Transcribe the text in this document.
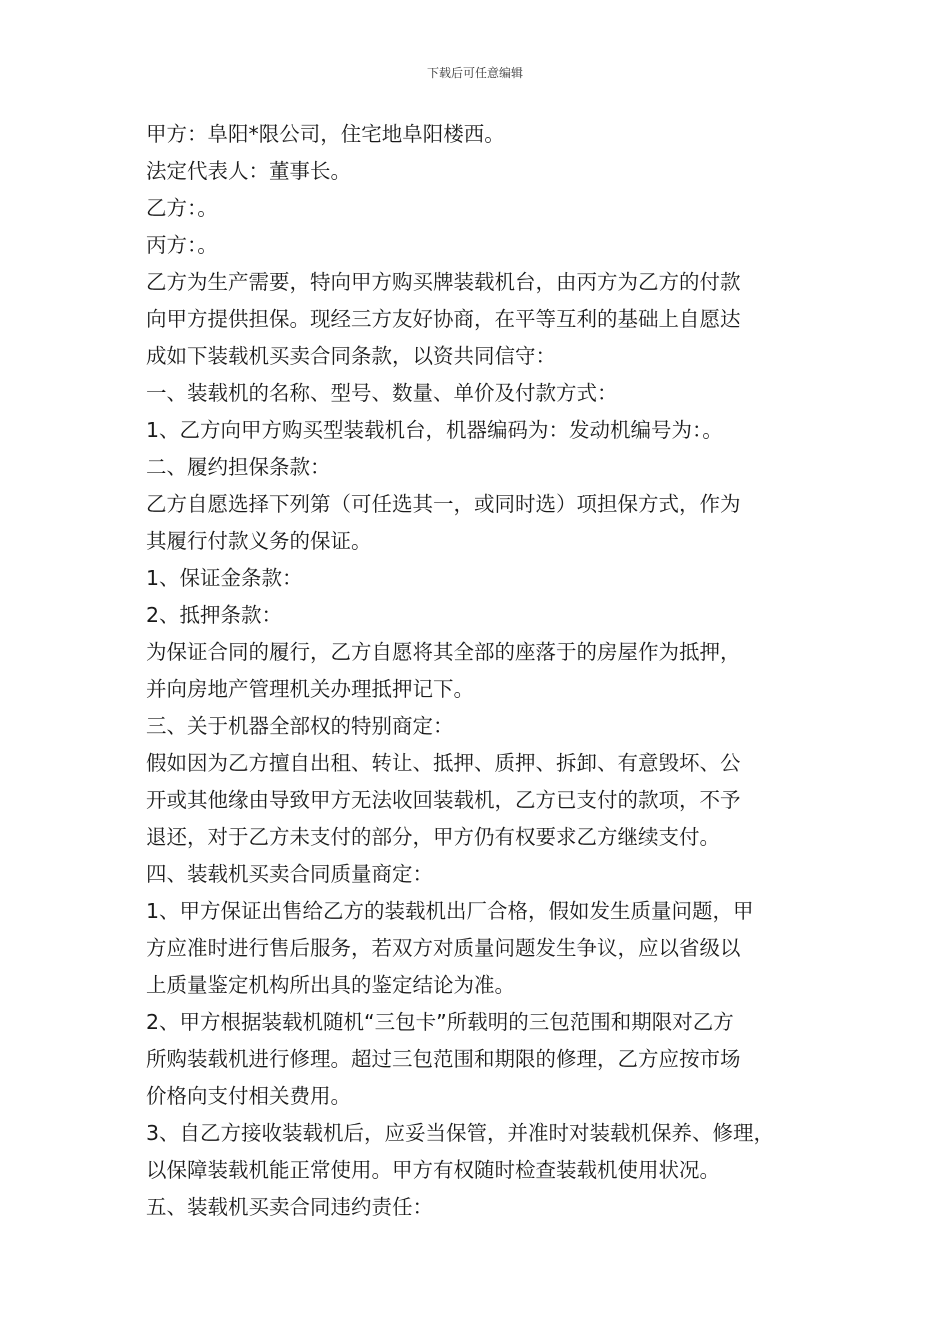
下载后可任意编辑
甲方：阜阳*限公司，住宅地阜阳楼西。
法定代表人：董事长。
乙方：。
丙方：。
乙方为生产需要，特向甲方购买牌装载机台，由丙方为乙方的付款
向甲方提供担保。现经三方友好协商，在平等互利的基础上自愿达
成如下装载机买卖合同条款，以资共同信守：
一、装载机的名称、型号、数量、单价及付款方式：
1、乙方向甲方购买型装载机台，机器编码为：发动机编号为：。
二、履约担保条款：
乙方自愿选择下列第（可任选其一，或同时选）项担保方式，作为
其履行付款义务的保证。
1、保证金条款：
2、抵押条款：
为保证合同的履行，乙方自愿将其全部的座落于的房屋作为抵押，
并向房地产管理机关办理抵押记下。
三、关于机器全部权的特别商定：
假如因为乙方擅自出租、转让、抵押、质押、拆卸、有意毁坏、公
开或其他缘由导致甲方无法收回装载机，乙方已支付的款项，不予
退还，对于乙方未支付的部分，甲方仍有权要求乙方继续支付。
四、装载机买卖合同质量商定：
1、甲方保证出售给乙方的装载机出厂合格，假如发生质量问题，甲
方应准时进行售后服务，若双方对质量问题发生争议，应以省级以
上质量鉴定机构所出具的鉴定结论为准。
2、甲方根据装载机随机“三包卡”所载明的三包范围和期限对乙方
所购装载机进行修理。超过三包范围和期限的修理，乙方应按市场
价格向支付相关费用。
3、自乙方接收装载机后，应妥当保管，并准时对装载机保养、修理，
以保障装载机能正常使用。甲方有权随时检查装载机使用状况。
五、装载机买卖合同违约责任：
